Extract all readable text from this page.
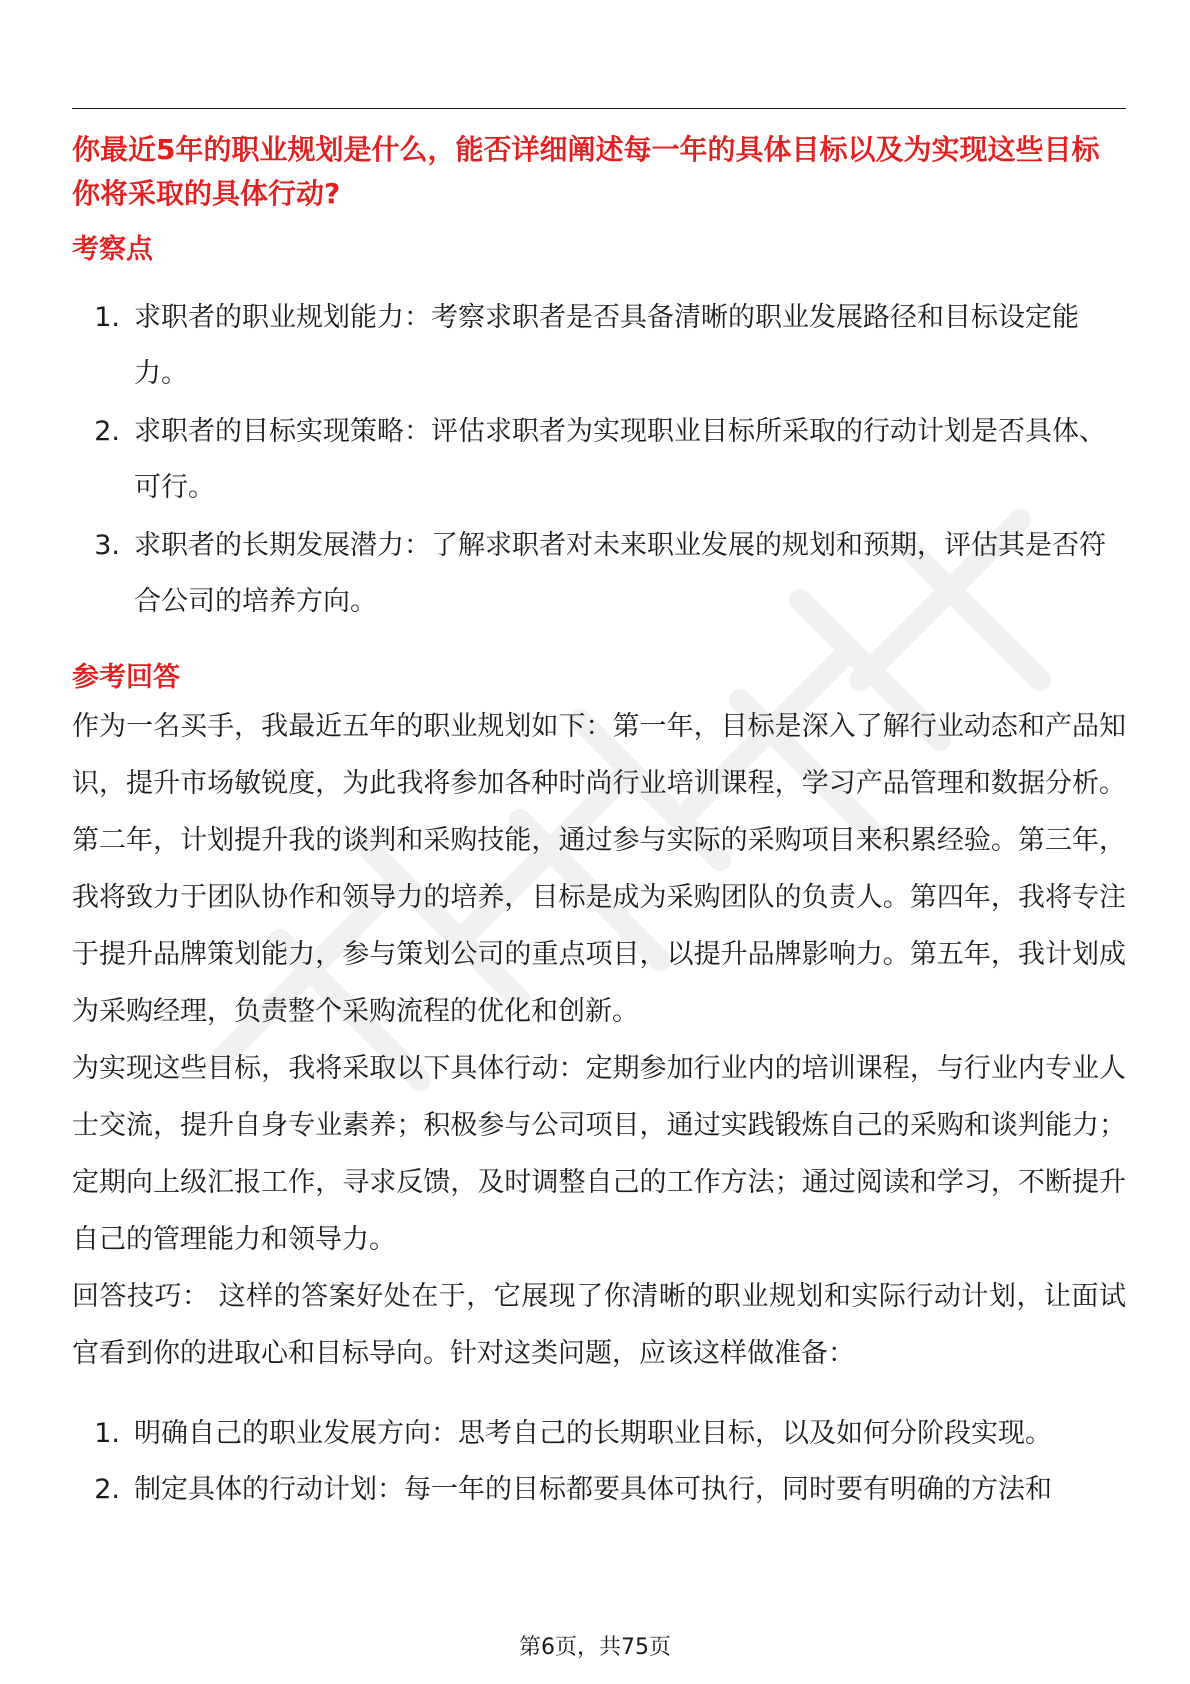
你最近5年的职业规划是什么，能否详细阐述每一年的具体目标以及为实现这些目标你将采取的具体行动?
考察点
1. 求职者的职业规划能力：考察求职者是否具备清晰的职业发展路径和目标设定能力。
2. 求职者的目标实现策略：评估求职者为实现职业目标所采取的行动计划是否具体、可行。
3. 求职者的长期发展潜力：了解求职者对未来职业发展的规划和预期，评估其是否符合公司的培养方向。
参考回答

作为一名买手，我最近五年的职业规划如下：第一年，目标是深入了解行业动态和产品知识，提升市场敏锐度，为此我将参加各种时尚行业培训课程，学习产品管理和数据分析。第二年，计划提升我的谈判和采购技能，通过参与实际的采购项目来积累经验。第三年，我将致力于团队协作和领导力的培养，目标是成为采购团队的负责人。第四年，我将专注于提升品牌策划能力，参与策划公司的重点项目，以提升品牌影响力。第五年，我计划成为采购经理，负责整个采购流程的优化和创新。

为实现这些目标，我将采取以下具体行动：定期参加行业内的培训课程，与行业内专业人士交流，提升自身专业素养；积极参与公司项目，通过实践锻炼自己的采购和谈判能力；定期向上级汇报工作，寻求反馈，及时调整自己的工作方法；通过阅读和学习，不断提升自己的管理能力和领导力。

回答技巧： 这样的答案好处在于，它展现了你清晰的职业规划和实际行动计划，让面试官看到你的进取心和目标导向。针对这类问题，应该这样做准备：

1. 明确自己的职业发展方向：思考自己的长期职业目标，以及如何分阶段实现。
2. 制定具体的行动计划：每一年的目标都要具体可执行，同时要有明确的方法和
第6页，共75页
